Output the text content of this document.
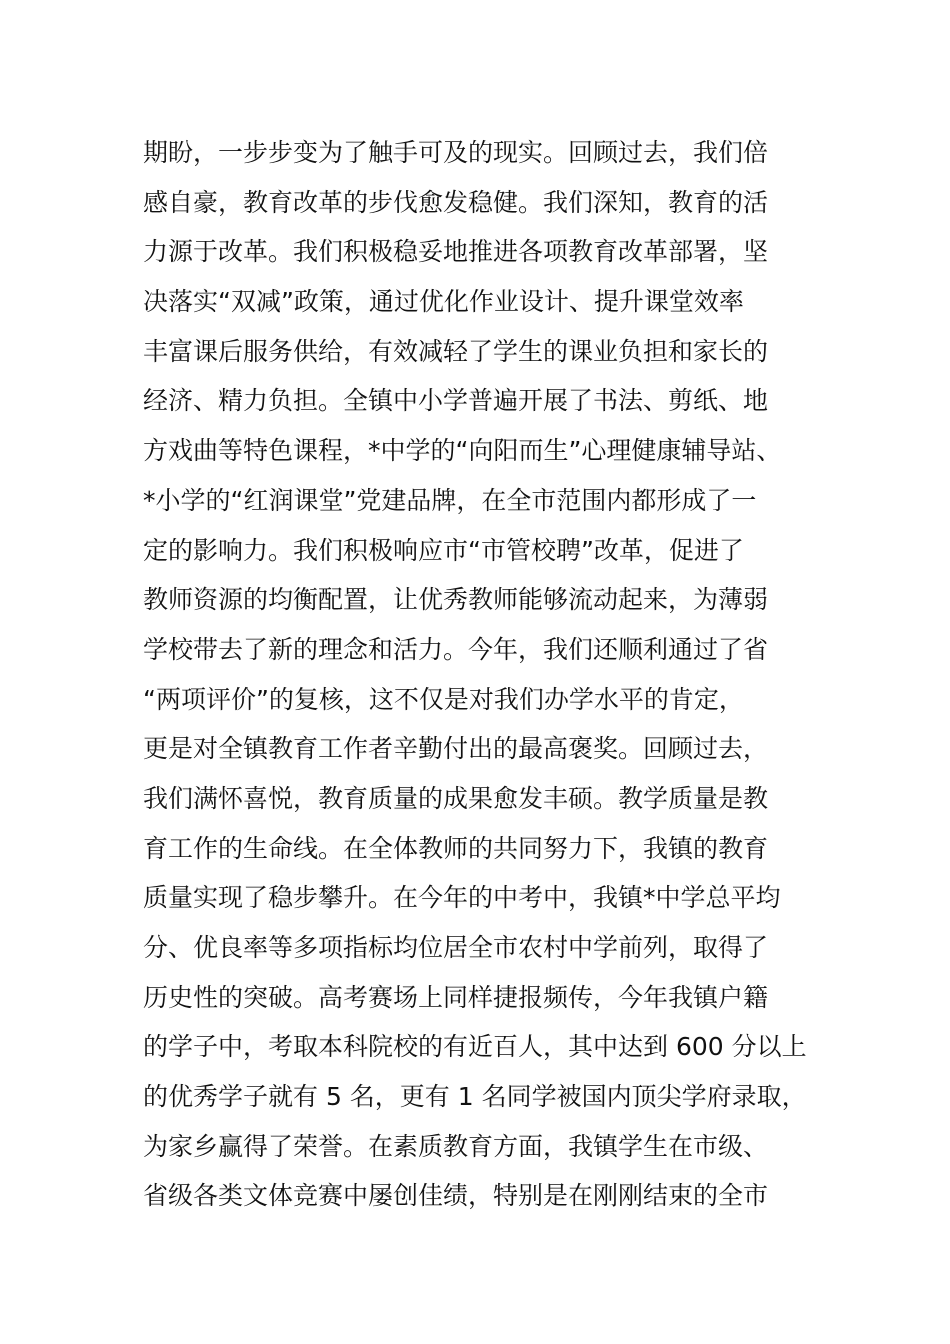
期盼，一步步变为了触手可及的现实。回顾过去，我们倍
感自豪，教育改革的步伐愈发稳健。我们深知，教育的活
力源于改革。我们积极稳妥地推进各项教育改革部署，坚
决落实“双减”政策，通过优化作业设计、提升课堂效率
丰富课后服务供给，有效减轻了学生的课业负担和家长的
经济、精力负担。全镇中小学普遍开展了书法、剪纸、地
方戏曲等特色课程，*中学的“向阳而生”心理健康辅导站、
*小学的“红润课堂”党建品牌，在全市范围内都形成了一
定的影响力。我们积极响应市“市管校聘”改革，促进了
教师资源的均衡配置，让优秀教师能够流动起来，为薄弱
学校带去了新的理念和活力。今年，我们还顺利通过了省
“两项评价”的复核，这不仅是对我们办学水平的肯定，
更是对全镇教育工作者辛勤付出的最高褒奖。回顾过去，
我们满怀喜悦，教育质量的成果愈发丰硕。教学质量是教
育工作的生命线。在全体教师的共同努力下，我镇的教育
质量实现了稳步攀升。在今年的中考中，我镇*中学总平均
分、优良率等多项指标均位居全市农村中学前列，取得了
历史性的突破。高考赛场上同样捷报频传，今年我镇户籍
的学子中，考取本科院校的有近百人，其中达到 600 分以上
的优秀学子就有 5 名，更有 1 名同学被国内顶尖学府录取，
为家乡赢得了荣誉。在素质教育方面，我镇学生在市级、
省级各类文体竞赛中屡创佳绩，特别是在刚刚结束的全市
